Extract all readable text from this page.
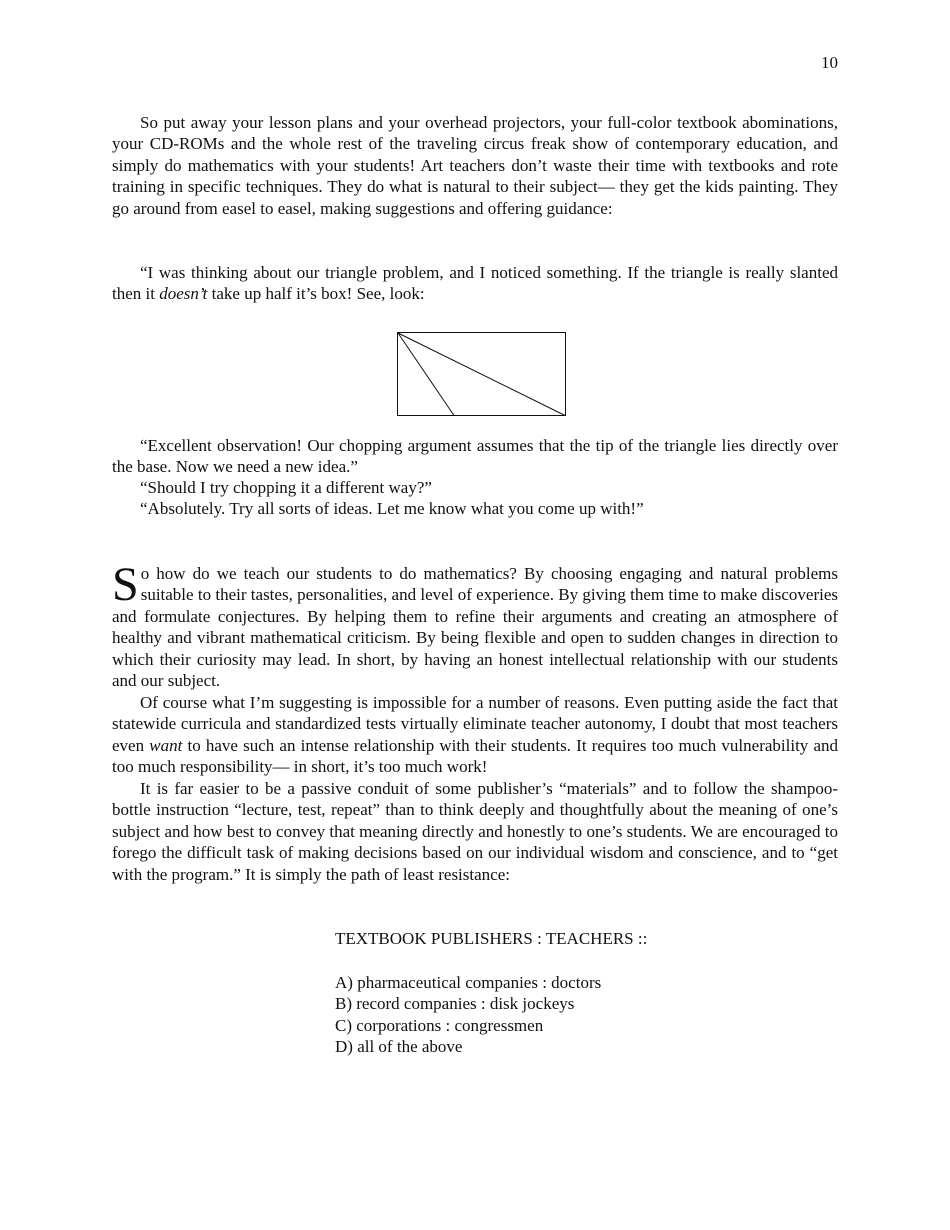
10

So put away your lesson plans and your overhead projectors, your full-color textbook abominations, your CD-ROMs and the whole rest of the traveling circus freak show of contemporary education, and simply do mathematics with your students! Art teachers don’t waste their time with textbooks and rote training in specific techniques. They do what is natural to their subject— they get the kids painting. They go around from easel to easel, making suggestions and offering guidance:

“I was thinking about our triangle problem, and I noticed something. If the triangle is really slanted then it doesn’t take up half it’s box! See, look:

“Excellent observation! Our chopping argument assumes that the tip of the triangle lies directly over the base. Now we need a new idea.”

“Should I try chopping it a different way?”

“Absolutely. Try all sorts of ideas. Let me know what you come up with!”

So how do we teach our students to do mathematics? By choosing engaging and natural problems suitable to their tastes, personalities, and level of experience. By giving them time to make discoveries and formulate conjectures. By helping them to refine their arguments and creating an atmosphere of healthy and vibrant mathematical criticism. By being flexible and open to sudden changes in direction to which their curiosity may lead. In short, by having an honest intellectual relationship with our students and our subject.

Of course what I’m suggesting is impossible for a number of reasons. Even putting aside the fact that statewide curricula and standardized tests virtually eliminate teacher autonomy, I doubt that most teachers even want to have such an intense relationship with their students. It requires too much vulnerability and too much responsibility— in short, it’s too much work!

It is far easier to be a passive conduit of some publisher’s “materials” and to follow the shampoo-bottle instruction “lecture, test, repeat” than to think deeply and thoughtfully about the meaning of one’s subject and how best to convey that meaning directly and honestly to one’s students. We are encouraged to forego the difficult task of making decisions based on our individual wisdom and conscience, and to “get with the program.” It is simply the path of least resistance:

TEXTBOOK PUBLISHERS : TEACHERS ::
A) pharmaceutical companies : doctors
B) record companies : disk jockeys
C) corporations : congressmen
D) all of the above
